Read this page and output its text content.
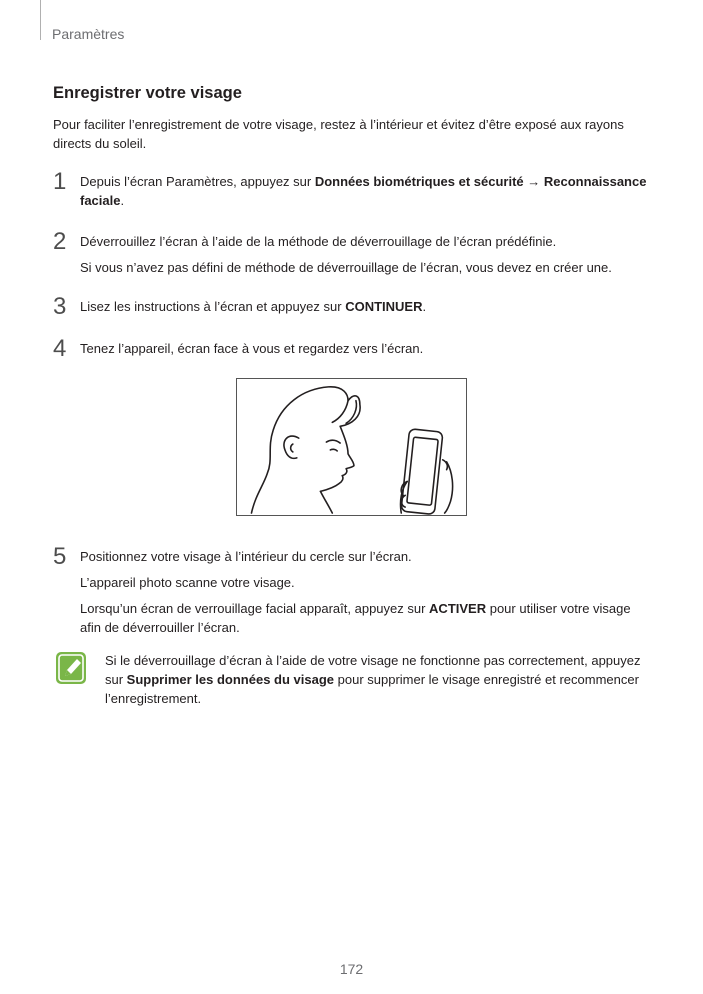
Paramètres
Enregistrer votre visage

Pour faciliter l’enregistrement de votre visage, restez à l’intérieur et évitez d’être exposé aux rayons directs du soleil.

1 Depuis l’écran Paramètres, appuyez sur Données biométriques et sécurité → Reconnaissance faciale.

2 Déverrouillez l’écran à l’aide de la méthode de déverrouillage de l’écran prédéfinie.

Si vous n’avez pas défini de méthode de déverrouillage de l’écran, vous devez en créer une.

3 Lisez les instructions à l’écran et appuyez sur CONTINUER.

4 Tenez l’appareil, écran face à vous et regardez vers l’écran.

5 Positionnez votre visage à l’intérieur du cercle sur l’écran.

L’appareil photo scanne votre visage.

Lorsqu’un écran de verrouillage facial apparaît, appuyez sur ACTIVER pour utiliser votre visage afin de déverrouiller l’écran.

Si le déverrouillage d’écran à l’aide de votre visage ne fonctionne pas correctement, appuyez sur Supprimer les données du visage pour supprimer le visage enregistré et recommencer l’enregistrement.
172
